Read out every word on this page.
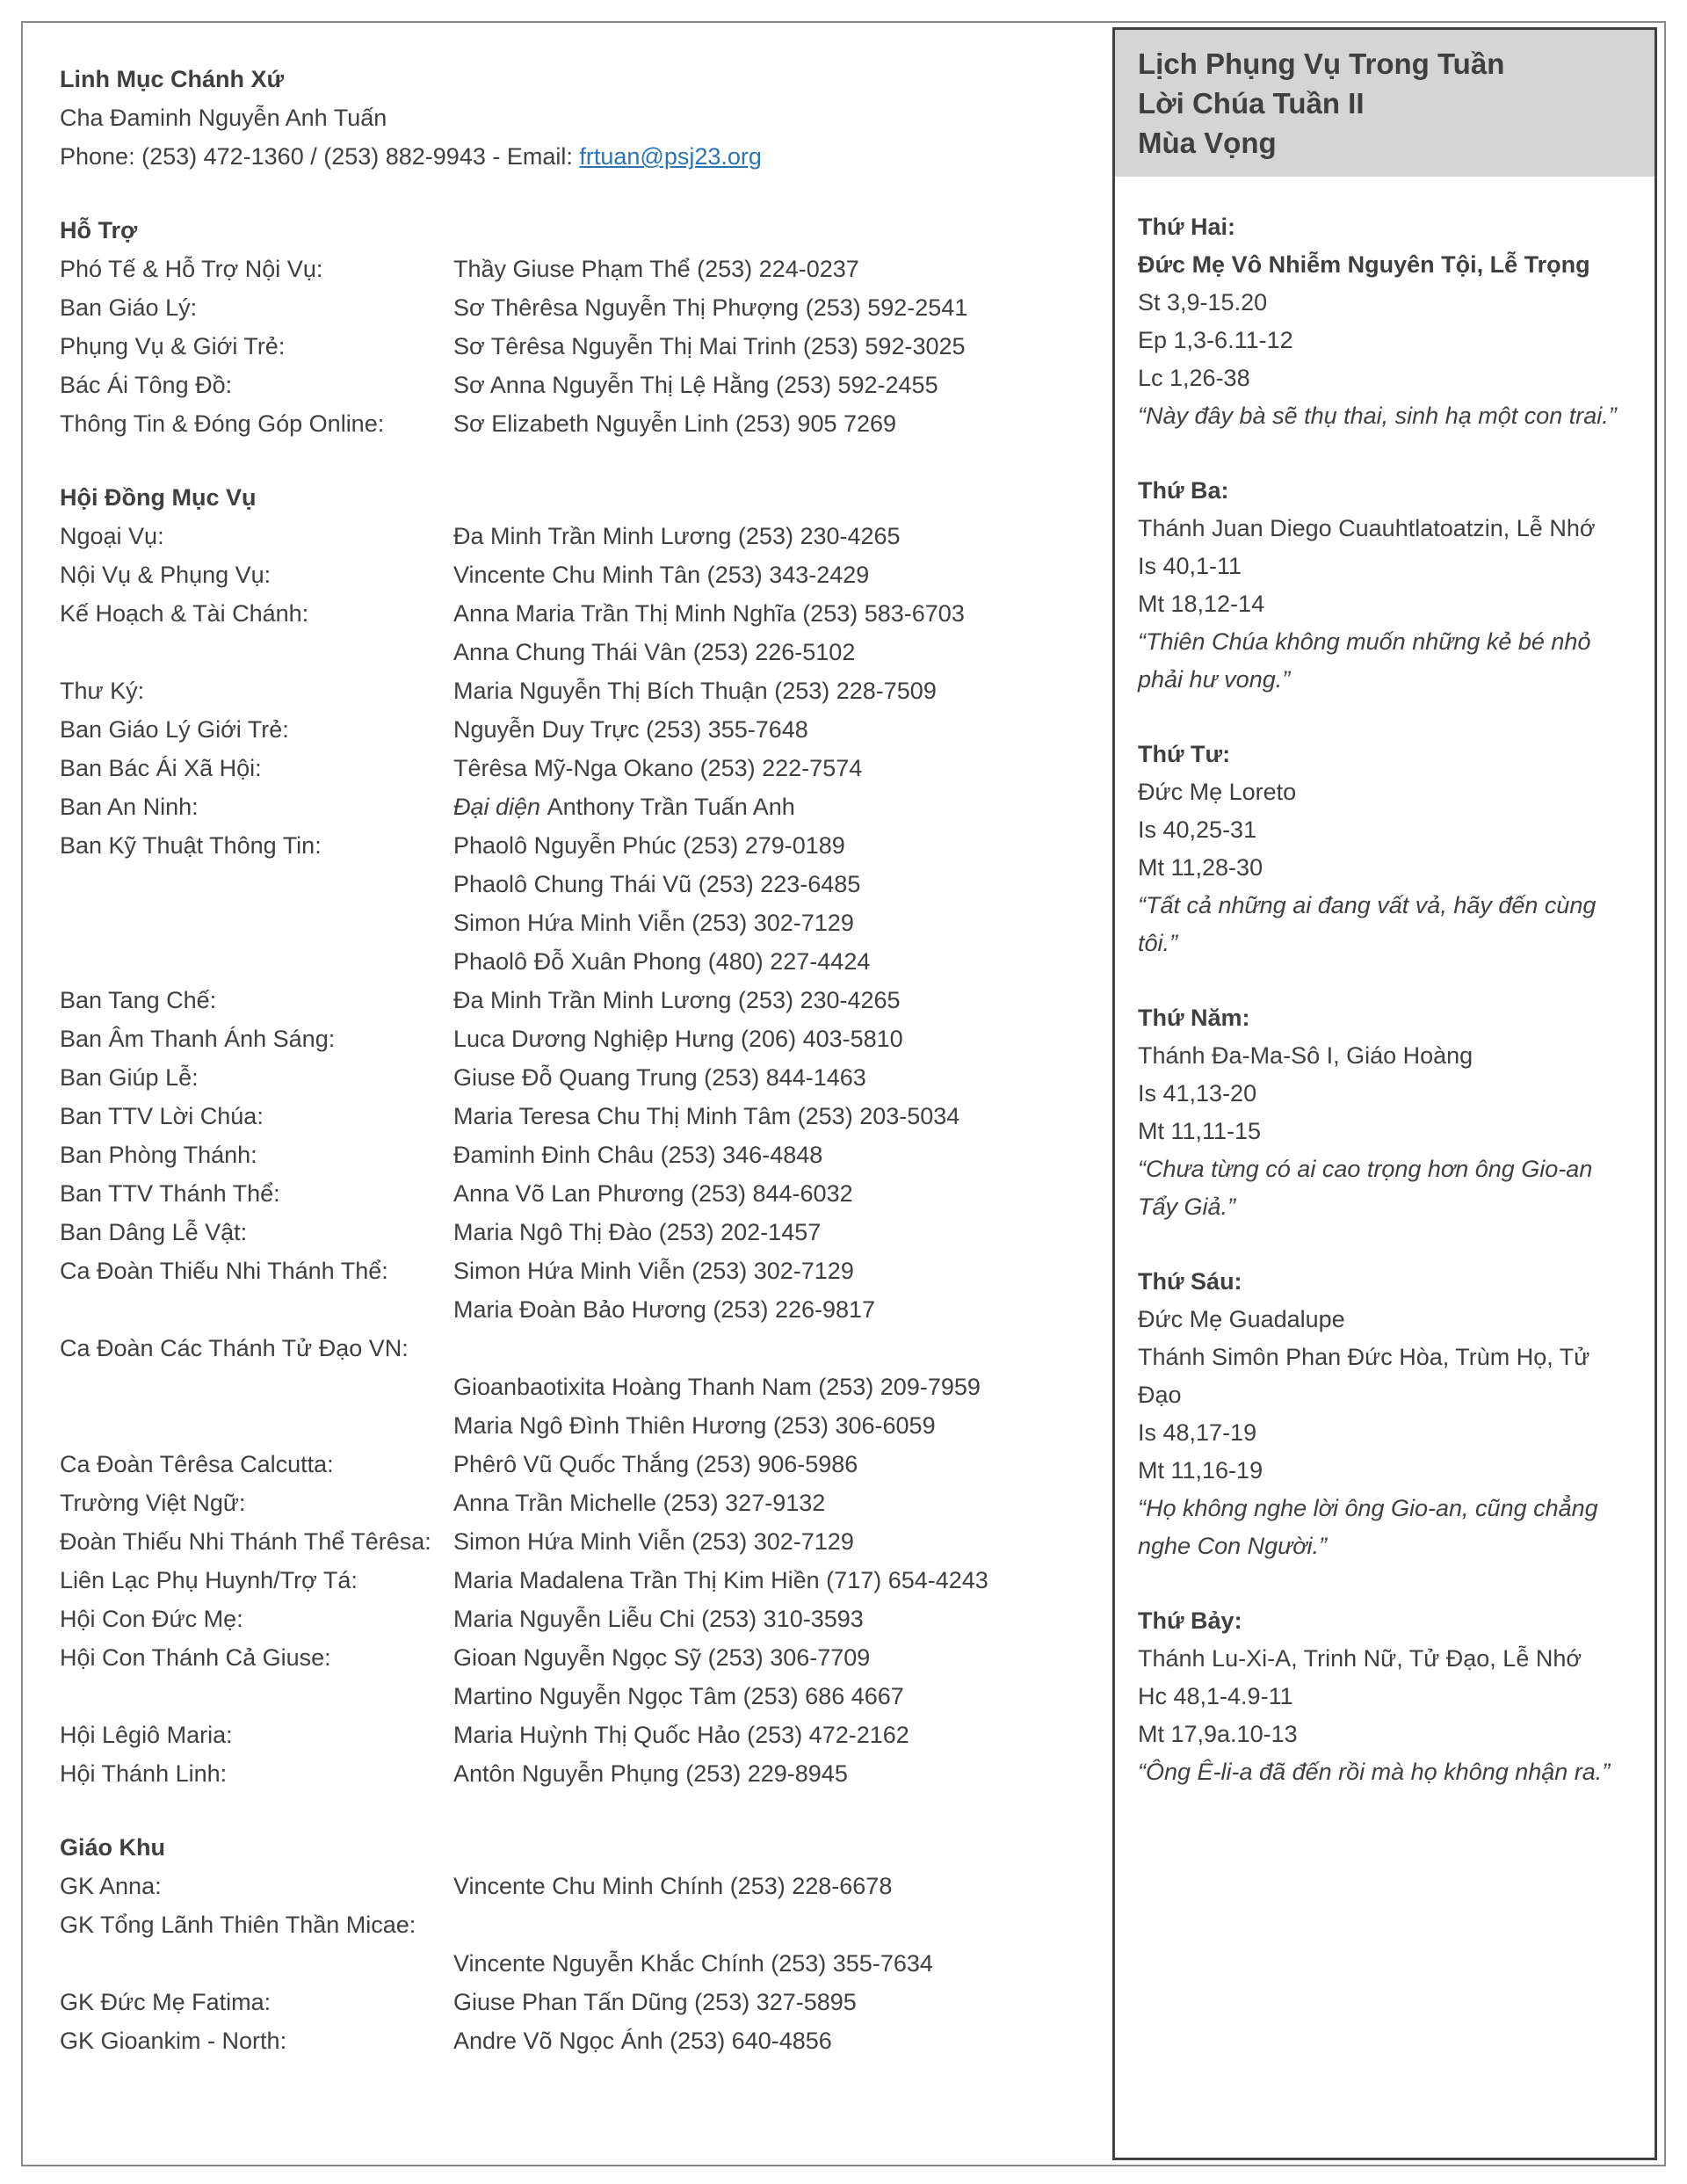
Linh Mục Chánh Xứ
Cha Đaminh Nguyễn Anh Tuấn
Phone: (253) 472-1360 / (253) 882-9943 - Email: frtuan@psj23.org
Hỗ Trợ
Phó Tế & Hỗ Trợ Nội Vụ:	Thầy Giuse Phạm Thể (253) 224-0237
Ban Giáo Lý:	Sơ Thêrêsa Nguyễn Thị Phượng (253) 592-2541
Phụng Vụ & Giới Trẻ:	Sơ Têrêsa Nguyễn Thị Mai Trinh (253) 592-3025
Bác Ái Tông Đồ:	Sơ Anna Nguyễn Thị Lệ Hằng (253) 592-2455
Thông Tin & Đóng Góp Online:	Sơ Elizabeth Nguyễn Linh (253) 905 7269
Hội Đồng Mục Vụ
Ngoại Vụ:	Đa Minh Trần Minh Lương (253) 230-4265
Nội Vụ & Phụng Vụ:	Vincente Chu Minh Tân (253) 343-2429
Kế Hoạch & Tài Chánh:	Anna Maria Trần Thị Minh Nghĩa (253) 583-6703
Anna Chung Thái Vân (253) 226-5102
Thư Ký:	Maria Nguyễn Thị Bích Thuận (253) 228-7509
Ban Giáo Lý Giới Trẻ:	Nguyễn Duy Trực (253) 355-7648
Ban Bác Ái Xã Hội:	Têrêsa Mỹ-Nga Okano (253) 222-7574
Ban An Ninh:	Đại diện Anthony Trần Tuấn Anh
Ban Kỹ Thuật Thông Tin:	Phaolô Nguyễn Phúc (253) 279-0189
Phaolô Chung Thái Vũ (253) 223-6485
Simon Hứa Minh Viễn (253) 302-7129
Phaolô Đỗ Xuân Phong (480) 227-4424
Ban Tang Chế:	Đa Minh Trần Minh Lương (253) 230-4265
Ban Âm Thanh Ánh Sáng:	Luca Dương Nghiệp Hưng (206) 403-5810
Ban Giúp Lễ:	Giuse Đỗ Quang Trung (253) 844-1463
Ban TTV Lời Chúa:	Maria Teresa Chu Thị Minh Tâm (253) 203-5034
Ban Phòng Thánh:	Đaminh Đinh Châu (253) 346-4848
Ban TTV Thánh Thể:	Anna Võ Lan Phương (253) 844-6032
Ban Dâng Lễ Vật:	Maria Ngô Thị Đào (253) 202-1457
Ca Đoàn Thiếu Nhi Thánh Thể:	Simon Hứa Minh Viễn (253) 302-7129
Maria Đoàn Bảo Hương (253) 226-9817
Ca Đoàn Các Thánh Tử Đạo VN:
Gioanbaotixita Hoàng Thanh Nam (253) 209-7959
Maria Ngô Đình Thiên Hương (253) 306-6059
Ca Đoàn Têrêsa Calcutta:	Phêrô Vũ Quốc Thắng (253) 906-5986
Trường Việt Ngữ:	Anna Trần Michelle (253) 327-9132
Đoàn Thiếu Nhi Thánh Thể Têrêsa: Simon Hứa Minh Viễn (253) 302-7129
Liên Lạc Phụ Huynh/Trợ Tá:	Maria Madalena Trần Thị Kim Hiền (717) 654-4243
Hội Con Đức Mẹ:	Maria Nguyễn Liễu Chi (253) 310-3593
Hội Con Thánh Cả Giuse:	Gioan Nguyễn Ngọc Sỹ (253) 306-7709
Martino Nguyễn Ngọc Tâm (253) 686 4667
Hội Lêgiô Maria:	Maria Huỳnh Thị Quốc Hảo (253) 472-2162
Hội Thánh Linh:	Antôn Nguyễn Phụng (253) 229-8945
Giáo Khu
GK Anna:	Vincente Chu Minh Chính (253) 228-6678
GK Tổng Lãnh Thiên Thần Micae:
Vincente Nguyễn Khắc Chính (253) 355-7634
GK Đức Mẹ Fatima:	Giuse Phan Tấn Dũng (253) 327-5895
GK Gioankim - North:	Andre Võ Ngọc Ánh (253) 640-4856
Lịch Phụng Vụ Trong Tuần
Lời Chúa Tuần II
Mùa Vọng
Thứ Hai:
Đức Mẹ Vô Nhiễm Nguyên Tội, Lễ Trọng
St 3,9-15.20
Ep 1,3-6.11-12
Lc 1,26-38
“Này đây bà sẽ thụ thai, sinh hạ một con trai.”
Thứ Ba:
Thánh Juan Diego Cuauhtlatoatzin, Lễ Nhớ
Is 40,1-11
Mt 18,12-14
“Thiên Chúa không muốn những kẻ bé nhỏ phải hư vong.”
Thứ Tư:
Đức Mẹ Loreto
Is 40,25-31
Mt 11,28-30
“Tất cả những ai đang vất vả, hãy đến cùng tôi.”
Thứ Năm:
Thánh Đa-Ma-Sô I, Giáo Hoàng
Is 41,13-20
Mt 11,11-15
“Chưa từng có ai cao trọng hơn ông Gio-an Tẩy Giả.”
Thứ Sáu:
Đức Mẹ Guadalupe
Thánh Simôn Phan Đức Hòa, Trùm Họ, Tử Đạo
Is 48,17-19
Mt 11,16-19
“Họ không nghe lời ông Gio-an, cũng chẳng nghe Con Người.”
Thứ Bảy:
Thánh Lu-Xi-A, Trinh Nữ, Tử Đạo, Lễ Nhớ
Hc 48,1-4.9-11
Mt 17,9a.10-13
“Ông Ê-li-a đã đến rồi mà họ không nhận ra.”
